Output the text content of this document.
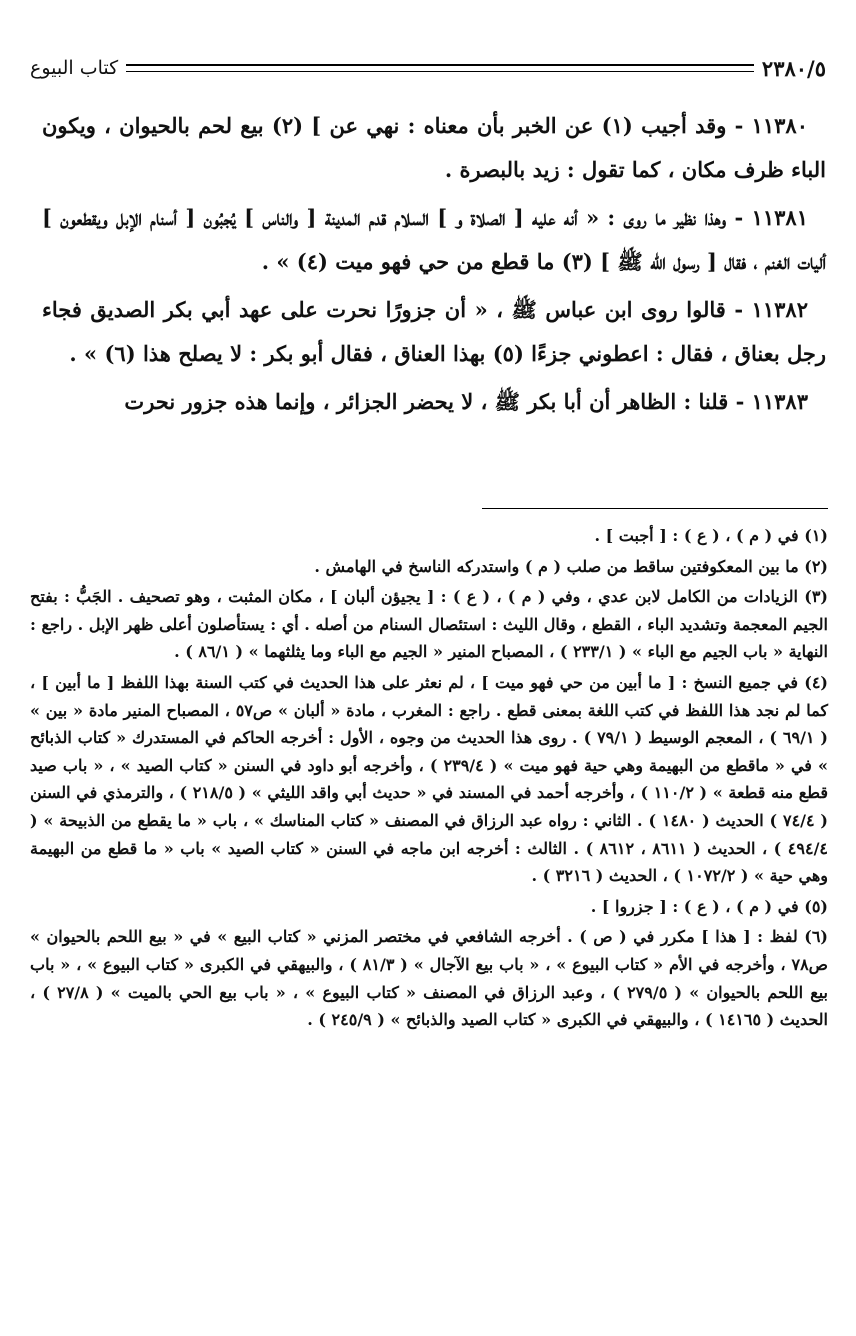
٢٣٨٠/٥
كتاب البيوع

١١٣٨٠ - وقد أجيب (١) عن الخبر بأن معناه : نهي عن ] (٢) بيع لحم بالحيوان ، ويكون الباء ظرف مكان ، كما تقول : زيد بالبصرة .

١١٣٨١ - وهذا نظير ما روى : « أنه عليه [ الصلاة و ] السلام قدم المدينة [ والناس ] يُجبُون [ أسنام الإبل ويقطعون ] أليات الغنم ، فقال [ رسول الله ﷺ ] (٣) ما قطع من حي فهو ميت (٤) » .

١١٣٨٢ - قالوا روى ابن عباس ﷺ ، « أن جزورًا نحرت على عهد أبي بكر الصديق فجاء رجل بعناق ، فقال : اعطوني جزءًا (٥) بهذا العناق ، فقال أبو بكر : لا يصلح هذا (٦) » .

١١٣٨٣ - قلنا : الظاهر أن أبا بكر ﷺ ، لا يحضر الجزائر ، وإنما هذه جزور نحرت

(١) في ( م ) ، ( ع ) : [ أجبت ] .

(٢) ما بين المعكوفتين ساقط من صلب ( م ) واستدركه الناسخ في الهامش .

(٣) الزيادات من الكامل لابن عدي ، وفي ( م ) ، ( ع ) : [ يجيؤن ألبان ] ، مكان المثبت ، وهو تصحيف . الجَبُّ : بفتح الجيم المعجمة وتشديد الباء ، القطع ، وقال الليث : استئصال السنام من أصله . أي : يستأصلون أعلى ظهر الإبل . راجع : النهاية « باب الجيم مع الباء » ( ٢٣٣/١ ) ، المصباح المنير « الجيم مع الباء وما يثلثهما » ( ٨٦/١ ) .

(٤) في جميع النسخ : [ ما أبين من حي فهو ميت ] ، لم نعثر على هذا الحديث في كتب السنة بهذا اللفظ [ ما أبين ] ، كما لم نجد هذا اللفظ في كتب اللغة بمعنى قطع . راجع : المغرب ، مادة « ألبان » ص٥٧ ، المصباح المنير مادة « بين » ( ٦٩/١ ) ، المعجم الوسيط ( ٧٩/١ ) . روى هذا الحديث من وجوه ، الأول : أخرجه الحاكم في المستدرك « كتاب الذبائح » في « ماقطع من البهيمة وهي حية فهو ميت » ( ٢٣٩/٤ ) ، وأخرجه أبو داود في السنن « كتاب الصيد » ، « باب صيد قطع منه قطعة » ( ١١٠/٢ ) ، وأخرجه أحمد في المسند في « حديث أبي واقد الليثي » ( ٢١٨/٥ ) ، والترمذي في السنن ( ٧٤/٤ ) الحديث ( ١٤٨٠ ) . الثاني : رواه عبد الرزاق في المصنف « كتاب المناسك » ، باب « ما يقطع من الذبيحة » ( ٤٩٤/٤ ) ، الحديث ( ٨٦١١ ، ٨٦١٢ ) . الثالث : أخرجه ابن ماجه في السنن « كتاب الصيد » باب « ما قطع من البهيمة وهي حية » ( ١٠٧٢/٢ ) ، الحديث ( ٣٢١٦ ) .

(٥) في ( م ) ، ( ع ) : [ جزروا ] .

(٦) لفظ : [ هذا ] مكرر في ( ص ) . أخرجه الشافعي في مختصر المزني « كتاب البيع » في « بيع اللحم بالحيوان » ص٧٨ ، وأخرجه في الأم « كتاب البيوع » ، « باب بيع الآجال » ( ٨١/٣ ) ، والبيهقي في الكبرى « كتاب البيوع » ، « باب بيع اللحم بالحيوان » ( ٢٧٩/٥ ) ، وعبد الرزاق في المصنف « كتاب البيوع » ، « باب بيع الحي بالميت » ( ٢٧/٨ ) ، الحديث ( ١٤١٦٥ ) ، والبيهقي في الكبرى « كتاب الصيد والذبائح » ( ٢٤٥/٩ ) .
